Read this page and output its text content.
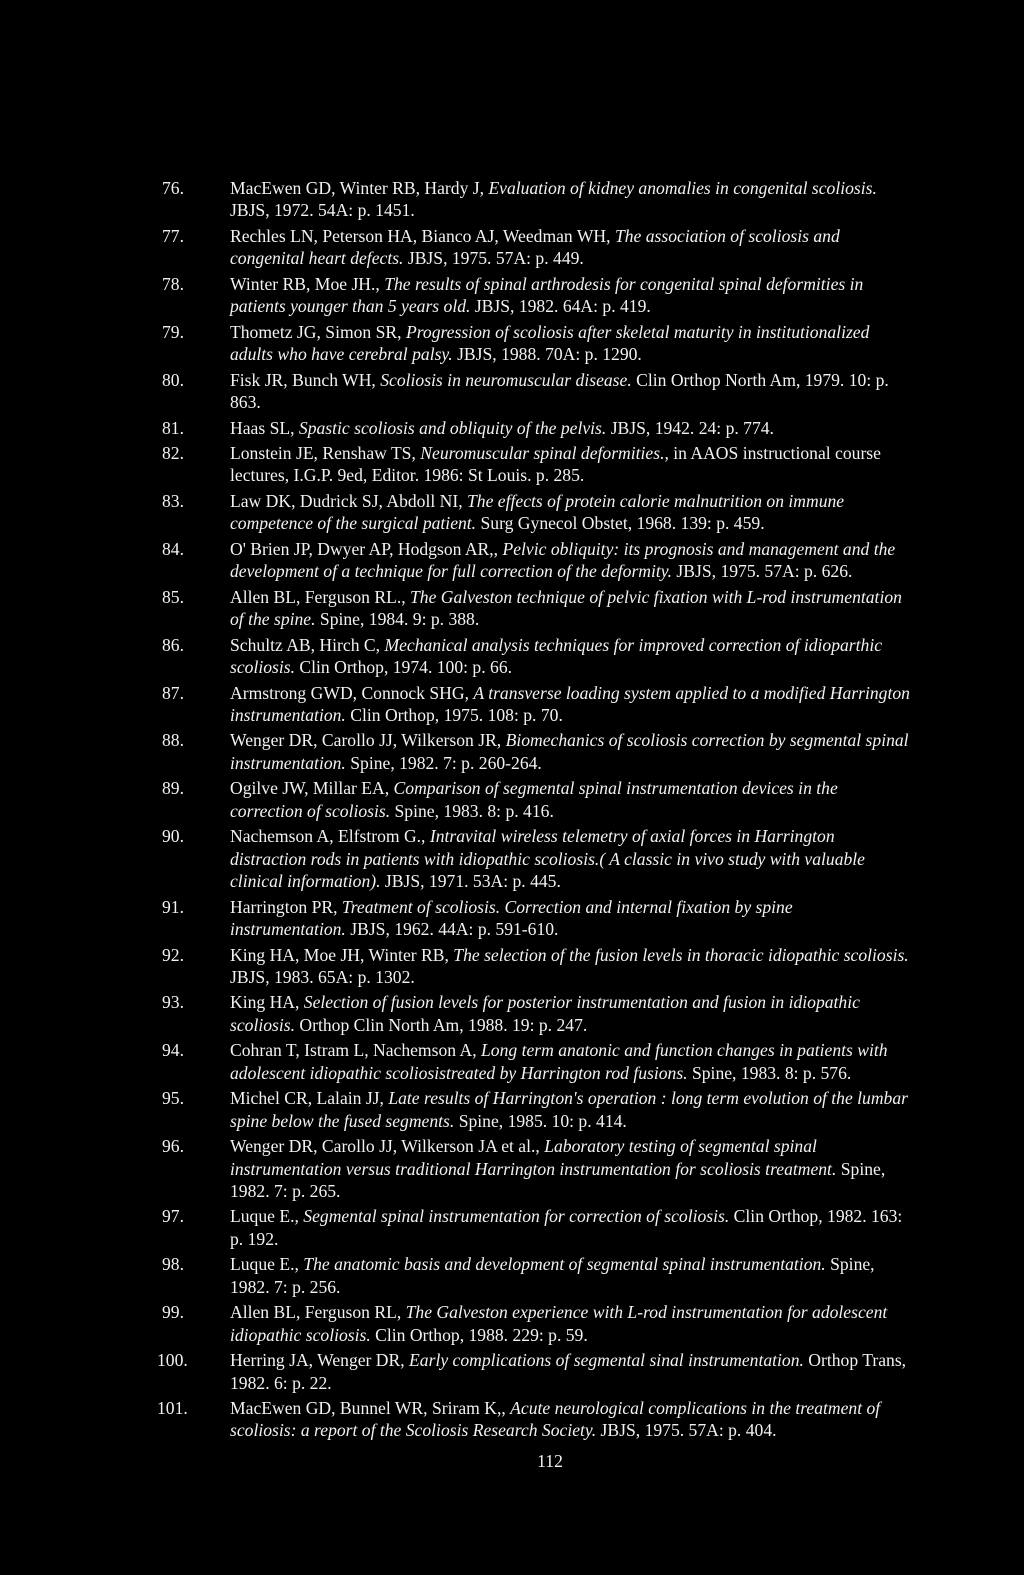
76.	MacEwen GD, Winter RB, Hardy J, Evaluation of kidney anomalies in congenital scoliosis. JBJS, 1972. 54A: p. 1451.
77.	Rechles LN, Peterson HA, Bianco AJ, Weedman WH, The association of scoliosis and congenital heart defects. JBJS, 1975. 57A: p. 449.
78.	Winter RB, Moe JH., The results of spinal arthrodesis for congenital spinal deformities in patients younger than 5 years old. JBJS, 1982. 64A: p. 419.
79.	Thometz JG, Simon SR, Progression of scoliosis after skeletal maturity in institutionalized adults who have cerebral palsy. JBJS, 1988. 70A: p. 1290.
80.	Fisk JR, Bunch WH, Scoliosis in neuromuscular disease. Clin Orthop North Am, 1979. 10: p. 863.
81.	Haas SL, Spastic scoliosis and obliquity of the pelvis. JBJS, 1942. 24: p. 774.
82.	Lonstein JE, Renshaw TS, Neuromuscular spinal deformities., in AAOS instructional course lectures, I.G.P. 9ed, Editor. 1986: St Louis. p. 285.
83.	Law DK, Dudrick SJ, Abdoll NI, The effects of protein calorie malnutrition on immune competence of the surgical patient. Surg Gynecol Obstet, 1968. 139: p. 459.
84.	O' Brien JP, Dwyer AP, Hodgson AR,, Pelvic obliquity: its prognosis and management and the development of a technique for full correction of the deformity. JBJS, 1975. 57A: p. 626.
85.	Allen BL, Ferguson RL., The Galveston technique of pelvic fixation with L-rod instrumentation of the spine. Spine, 1984. 9: p. 388.
86.	Schultz AB, Hirch C, Mechanical analysis techniques for improved correction of idioparthic scoliosis. Clin Orthop, 1974. 100: p. 66.
87.	Armstrong GWD, Connock SHG, A transverse loading system applied to a modified Harrington instrumentation. Clin Orthop, 1975. 108: p. 70.
88.	Wenger DR, Carollo JJ, Wilkerson JR, Biomechanics of scoliosis correction by segmental spinal instrumentation. Spine, 1982. 7: p. 260-264.
89.	Ogilve JW, Millar EA, Comparison of segmental spinal instrumentation devices in the correction of scoliosis. Spine, 1983. 8: p. 416.
90.	Nachemson A, Elfstrom G., Intravital wireless telemetry of axial forces in Harrington distraction rods in patients with idiopathic scoliosis.( A classic in vivo study with valuable clinical information). JBJS, 1971. 53A: p. 445.
91.	Harrington PR, Treatment of scoliosis. Correction and internal fixation by spine instrumentation. JBJS, 1962. 44A: p. 591-610.
92.	King HA, Moe JH, Winter RB, The selection of the fusion levels in thoracic idiopathic scoliosis. JBJS, 1983. 65A: p. 1302.
93.	King HA, Selection of fusion levels for posterior instrumentation and fusion in idiopathic scoliosis. Orthop Clin North Am, 1988. 19: p. 247.
94.	Cohran T, Istram L, Nachemson A, Long term anatonic and function changes in patients with adolescent idiopathic scoliosistreated by Harrington rod fusions. Spine, 1983. 8: p. 576.
95.	Michel CR, Lalain JJ, Late results of Harrington's operation : long term evolution of the lumbar spine below the fused segments. Spine, 1985. 10: p. 414.
96.	Wenger DR, Carollo JJ, Wilkerson JA et al., Laboratory testing of segmental spinal instrumentation versus traditional Harrington instrumentation for scoliosis treatment. Spine, 1982. 7: p. 265.
97.	Luque E., Segmental spinal instrumentation for correction of scoliosis. Clin Orthop, 1982. 163: p. 192.
98.	Luque E., The anatomic basis and development of segmental spinal instrumentation. Spine, 1982. 7: p. 256.
99.	Allen BL, Ferguson RL, The Galveston experience with L-rod instrumentation for adolescent idiopathic scoliosis. Clin Orthop, 1988. 229: p. 59.
100.	Herring JA, Wenger DR, Early complications of segmental sinal instrumentation. Orthop Trans, 1982. 6: p. 22.
101.	MacEwen GD, Bunnel WR, Sriram K,, Acute neurological complications in the treatment of scoliosis: a report of the Scoliosis Research Society. JBJS, 1975. 57A: p. 404.
112
